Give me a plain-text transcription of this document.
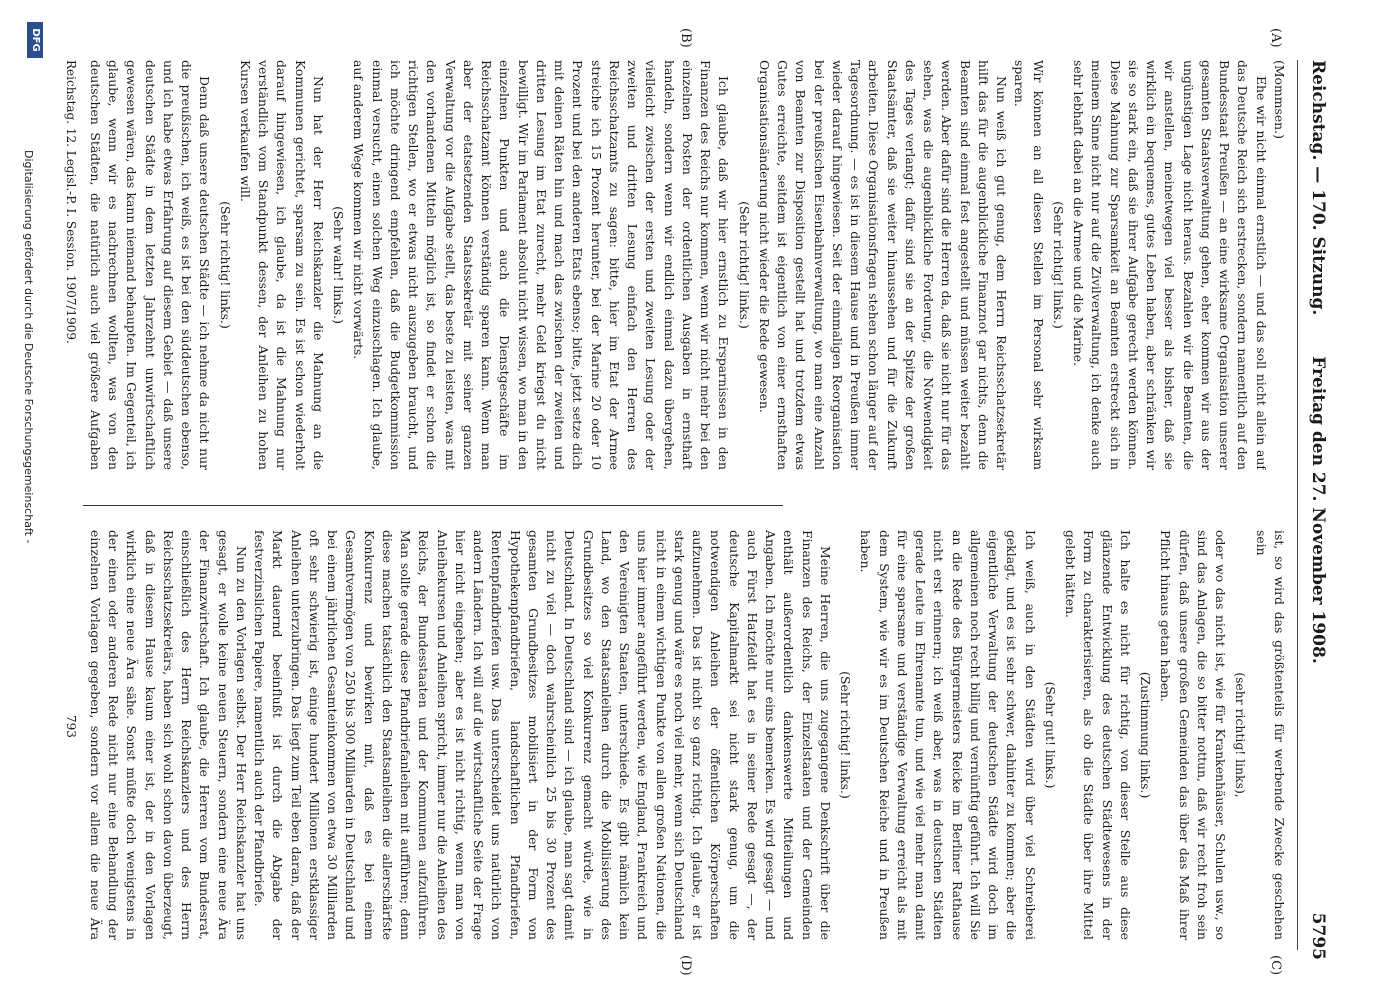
Reichstag. — 170. Sitzung.
Freitag den 27. November 1908.
5795
(A)
(B)
(C)
(D)

(Mommsen.)

Ehe wir nicht einmal ernstlich — und das soll nicht allein auf das Deutsche Reich sich erstrecken, sondern namentlich auf den Bundesstaat Preußen — an eine wirksame Organisation unserer gesamten Staatsverwaltung gehen, eher kommen wir aus der ungünstigen Lage nicht heraus. Bezahlen wir die Beamten, die wir anstellen, meinetwegen viel besser als bisher, daß sie wirklich ein bequemes, gutes Leben haben, aber schränken wir sie so stark ein, daß sie ihrer Aufgabe gerecht werden können. Diese Mahnung zur Sparsamkeit an Beamten erstreckt sich in meinem Sinne nicht nur auf die Zivilverwaltung, ich denke auch sehr lebhaft dabei an die Armee und die Marine.

(Sehr richtig! links.)

Wir können an all diesen Stellen im Personal sehr wirksam sparen.

Nun weiß ich gut genug, dem Herrn Reichsschatzsekretär hilft das für die augenblickliche Finanznot gar nichts, denn die Beamten sind einmal fest angestellt und müssen weiter bezahlt werden. Aber dafür sind die Herren da, daß sie nicht nur für das sehen, was die augenblickliche Forderung, die Notwendigkeit des Tages verlangt; dafür sind sie an der Spitze der großen Staatsämter, daß sie weiter hinaussehen und für die Zukunft arbeiten. Diese Organisationsfragen stehen schon länger auf der Tagesordnung. — es ist in diesem Hause und in Preußen immer wieder darauf hingewiesen. Seit der einmaligen Reorganisation bei der preußischen Eisenbahnverwaltung, wo man eine Anzahl von Beamten zur Disposition gestellt hat und trotzdem etwas Gutes erreichte, seitdem ist eigentlich von einer ernsthaften Organisationsänderung nicht wieder die Rede gewesen.

(Sehr richtig! links.)

Ich glaube, daß wir hier ernstlich zu Ersparnissen in den Finanzen des Reichs nur kommen, wenn wir nicht mehr bei den einzelnen Posten der ordentlichen Ausgaben in ernsthaft handeln, sondern wenn wir endlich einmal dazu übergehen, vielleicht zwischen der ersten und zweiten Lesung oder der zweiten und dritten Lesung einfach den Herren des Reichsschatzamts zu sagen: bitte, hier im Etat der Armee streiche ich 15 Prozent herunter, bei der Marine 20 oder 10 Prozent und bei den anderen Etats ebenso; bitte, jetzt setze dich mit deinen Räten hin und mach das zwischen der zweiten und dritten Lesung im Etat zurecht, mehr Geld kriegst du nicht bewilligt. Wir im Parlament absolut nicht wissen, wo man in den einzelnen Punkten und auch die Dienstgeschäfte im Reichsschatzamt können verständig sparen kann. Wenn man aber der etatsetzenden Staatssekretär mit seiner ganzen Verwaltung vor die Aufgabe stellt, das beste zu leisten, was mit den vorhandenen Mitteln möglich ist, so findet er schon die richtigen Stellen, wo er etwas nicht auszugeben braucht, und ich möchte dringend empfehlen, daß die Budgetkommission einmal versucht, einen solchen Weg einzuschlagen. Ich glaube, auf anderem Wege kommen wir nicht vorwärts.

(Sehr wahr! links.)

Nun hat der Herr Reichskanzler die Mahnung an die Kommunen gerichtet, sparsam zu sein. Es ist schon wiederholt darauf hingewiesen, ich glaube, da ist die Mahnung nur verständlich vom Standpunkt dessen, der Anleihen zu hohen Kursen verkaufen will.

(Sehr richtig! links.)

Denn daß unsere deutschen Städte — ich nehme da nicht nur die preußischen, ich weiß, es ist bei den süddeutschen ebenso, und ich habe etwas Erfahrung auf diesem Gebiet — daß unsere deutschen Städte in dem letzten Jahrzehnt unwirtschaftlich gewesen wären, das kann niemand behaupten. Im Gegenteil, ich glaube, wenn wir es nachrechnen wollten, was von den deutschen Städten, die natürlich auch viel größere Aufgaben

ist, so wird das größtenteils für werbende Zwecke geschehen sein

(sehr richtig! links),

oder wo das nicht ist, wie für Krankenhäuser, Schulen usw., so sind das Anlagen, die so bitter nottun, daß wir recht froh sein dürfen, daß unsere großen Gemeinden das über das Maß ihrer Pflicht hinaus getan haben.

(Zustimmung links.)

Ich halte es nicht für richtig, von dieser Stelle aus diese glänzende Entwicklung des deutschen Städtewesens in der Form zu charakterisieren, als ob die Städte über ihre Mittel gelebt hätten.

(Sehr gut! links.)

Ich weiß, auch in den Städten wird über viel Schreiberei geklagt, und es ist sehr schwer, dahinter zu kommen; aber die eigentliche Verwaltung der deutschen Städte wird doch im allgemeinen noch recht billig und vernünftig geführt. Ich will Sie an die Rede des Bürgermeisters Reicke im Berliner Rathause nicht erst erinnern; ich weiß aber, was in deutschen Städten gerade Leute im Ehrenamte tun, und wie viel mehr man damit für eine sparsame und verständige Verwaltung erreicht als mit dem System, wie wir es im Deutschen Reiche und in Preußen haben.

(Sehr richtig! links.)

Meine Herren, die uns zugegangene Denkschrift über die Finanzen des Reichs, der Einzelstaaten und der Gemeinden enthält außerordentlich dankenswerte Mitteilungen und Angaben. Ich möchte nur eins bemerken. Es wird gesagt — und auch Fürst Hatzfeldt hat es in seiner Rede gesagt —, der deutsche Kapitalmarkt sei nicht stark genug, um die notwendigen Anleihen der öffentlichen Körperschaften aufzunehmen. Das ist nicht so ganz richtig. Ich glaube, er ist stark genug und wäre es noch viel mehr, wenn sich Deutschland nicht in einem wichtigen Punkte von allen großen Nationen, die uns hier immer angeführt werden, wie England, Frankreich und den Vereinigten Staaten, unterschiede. Es gibt nämlich kein Land, wo den Staatsanleihen durch die Mobilisierung des Grundbesitzes so viel Konkurrenz gemacht würde, wie in Deutschland. In Deutschland sind — ich glaube, man sagt damit nicht zu viel — doch wahrscheinlich 25 bis 30 Prozent des gesamten Grundbesitzes mobilisiert in der Form von Hypothekenpfandbriefen, landschaftlichen Pfandbriefen, Rentenpfandbriefen usw. Das unterscheidet uns natürlich von andern Ländern. Ich will auf die wirtschaftliche Seite der Frage hier nicht eingehen; aber es ist nicht richtig, wenn man von Anleihekursen und Anleihen spricht, immer nur die Anleihen des Reichs, der Bundesstaaten und der Kommunen aufzuführen. Man sollte gerade diese Pfandbriefanleihen mit aufführen; denn diese machen tatsächlich den Staatsanleihen die allerschärfste Konkurrenz und bewirken mit, daß es bei einem Gesamtvermögen von 250 bis 300 Milliarden in Deutschland und bei einem jährlichen Gesamteinkommen von etwa 30 Milliarden oft sehr schwierig ist, einige hundert Millionen erstklassiger Anleihen unterzubringen. Das liegt zum Teil eben daran, daß der Markt dauernd beeinflußt ist durch die Abgabe der festverzinslichen Papiere, namentlich auch der Pfandbriefe.

Nun zu den Vorlagen selbst. Der Herr Reichskanzler hat uns gesagt, er wolle keine neuen Steuern, sondern eine neue Ära der Finanzwirtschaft. Ich glaube, die Herren vom Bundesrat, einschließlich des Herrn Reichskanzlers und des Herrn Reichsschatzsekretärs, haben sich wohl schon davon überzeugt, daß in diesem Hause kaum einer ist, der in den Vorlagen wirklich eine neue Ära sähe. Sonst müßte doch wenigstens in der einen oder anderen Rede nicht nur eine Behandlung der einzelnen Vorlagen gegeben, sondern vor allem die neue Ära

Reichstag. 12. Legisl.-P. I. Session. 1907/1909.
793
Digitalisierung gefördert durch die Deutsche Forschungsgemeinschaft -
DFG
